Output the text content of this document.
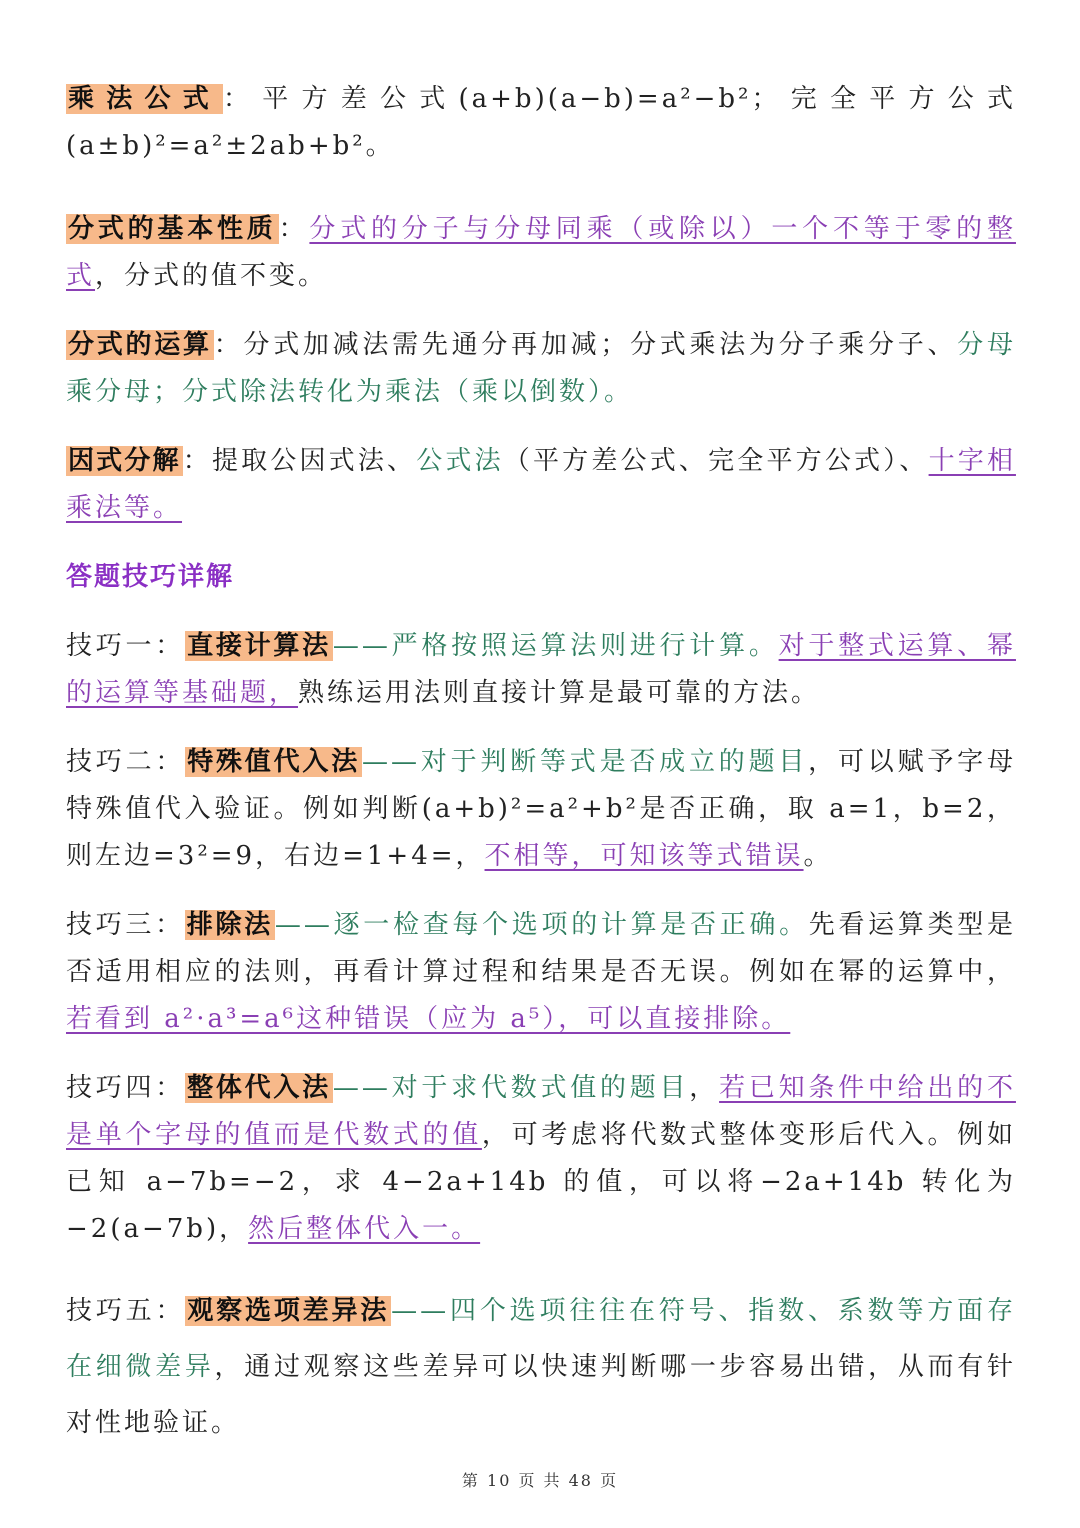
乘法公式：平方差公式(a+b)(a−b)=a²−b²；完全平方公式(a±b)²=a²±2ab+b²。

分式的基本性质：分式的分子与分母同乘（或除以）一个不等于零的整式，分式的值不变。

分式的运算：分式加减法需先通分再加减；分式乘法为分子乘分子、分母乘分母；分式除法转化为乘法（乘以倒数）。

因式分解：提取公因式法、公式法（平方差公式、完全平方公式）、十字相乘法等。

答题技巧详解

技巧一：直接计算法——严格按照运算法则进行计算。对于整式运算、幂的运算等基础题，熟练运用法则直接计算是最可靠的方法。

技巧二：特殊值代入法——对于判断等式是否成立的题目，可以赋予字母特殊值代入验证。例如判断(a+b)²=a²+b²是否正确，取 a=1，b=2，则左边=3²=9，右边=1+4=，不相等，可知该等式错误。

技巧三：排除法——逐一检查每个选项的计算是否正确。先看运算类型是否适用相应的法则，再看计算过程和结果是否无误。例如在幂的运算中，若看到 a²·a³=a⁶这种错误（应为 a⁵），可以直接排除。

技巧四：整体代入法——对于求代数式值的题目，若已知条件中给出的不是单个字母的值而是代数式的值，可考虑将代数式整体变形后代入。例如已知 a−7b=−2，求 4−2a+14b 的值，可以将−2a+14b 转化为−2(a−7b)，然后整体代入一。

技巧五：观察选项差异法——四个选项往往在符号、指数、系数等方面存在细微差异，通过观察这些差异可以快速判断哪一步容易出错，从而有针对性地验证。

第 10 页 共 48 页
